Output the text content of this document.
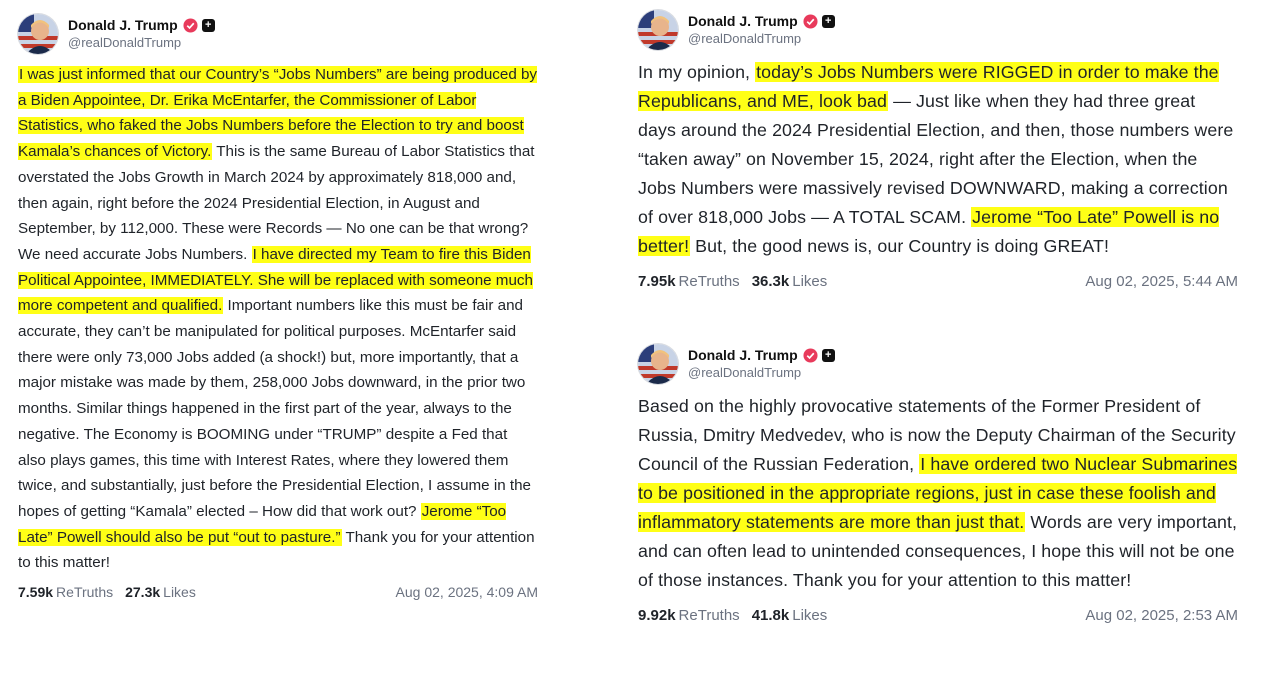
Donald J. Trump +
@realDonaldTrump

I was just informed that our Country’s “Jobs Numbers” are being produced by a Biden Appointee, Dr. Erika McEntarfer, the Commissioner of Labor Statistics, who faked the Jobs Numbers before the Election to try and boost Kamala’s chances of Victory. This is the same Bureau of Labor Statistics that overstated the Jobs Growth in March 2024 by approximately 818,000 and, then again, right before the 2024 Presidential Election, in August and September, by 112,000. These were Records — No one can be that wrong? We need accurate Jobs Numbers. I have directed my Team to fire this Biden Political Appointee, IMMEDIATELY. She will be replaced with someone much more competent and qualified. Important numbers like this must be fair and accurate, they can’t be manipulated for political purposes. McEntarfer said there were only 73,000 Jobs added (a shock!) but, more importantly, that a major mistake was made by them, 258,000 Jobs downward, in the prior two months. Similar things happened in the first part of the year, always to the negative. The Economy is BOOMING under “TRUMP” despite a Fed that also plays games, this time with Interest Rates, where they lowered them twice, and substantially, just before the Presidential Election, I assume in the hopes of getting “Kamala” elected – How did that work out? Jerome “Too Late” Powell should also be put “out to pasture.” Thank you for your attention to this matter!

7.59k ReTruths 27.3k Likes	Aug 02, 2025, 4:09 AM
Donald J. Trump +
@realDonaldTrump

In my opinion, today’s Jobs Numbers were RIGGED in order to make the Republicans, and ME, look bad — Just like when they had three great days around the 2024 Presidential Election, and then, those numbers were “taken away” on November 15, 2024, right after the Election, when the Jobs Numbers were massively revised DOWNWARD, making a correction of over 818,000 Jobs — A TOTAL SCAM. Jerome “Too Late” Powell is no better! But, the good news is, our Country is doing GREAT!

7.95k ReTruths 36.3k Likes	Aug 02, 2025, 5:44 AM
Donald J. Trump +
@realDonaldTrump

Based on the highly provocative statements of the Former President of Russia, Dmitry Medvedev, who is now the Deputy Chairman of the Security Council of the Russian Federation, I have ordered two Nuclear Submarines to be positioned in the appropriate regions, just in case these foolish and inflammatory statements are more than just that. Words are very important, and can often lead to unintended consequences, I hope this will not be one of those instances. Thank you for your attention to this matter!

9.92k ReTruths 41.8k Likes	Aug 02, 2025, 2:53 AM
